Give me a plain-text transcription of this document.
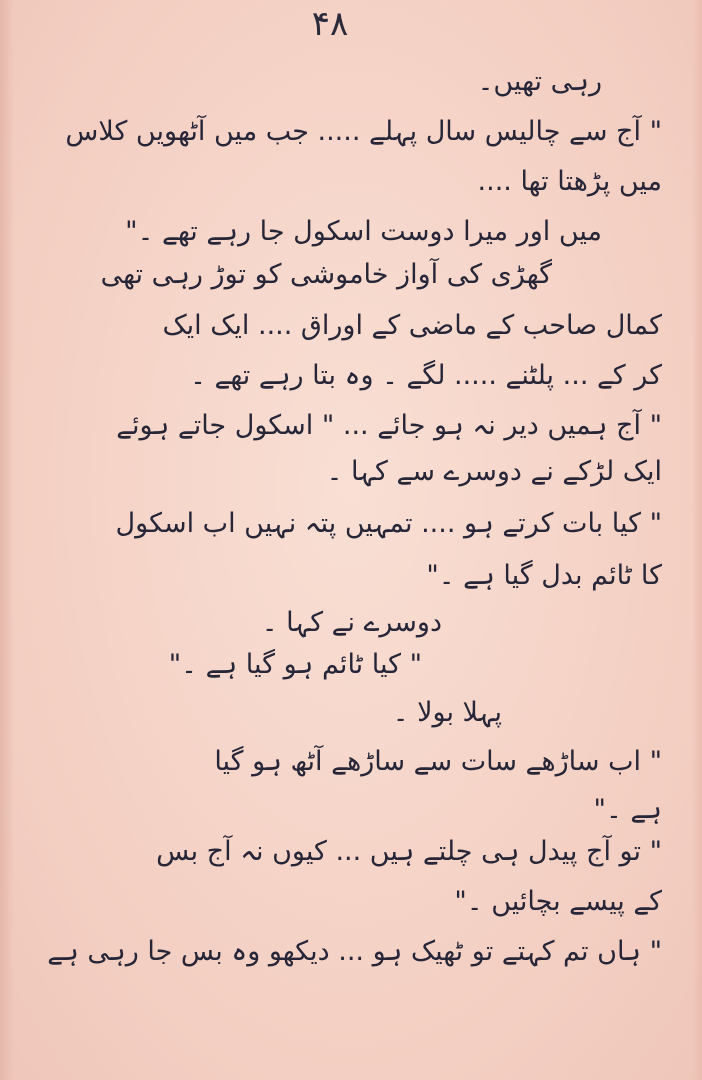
۴۸
رہی تھیں۔
" آج سے چالیس سال پہلے ..... جب میں آٹھویں کلاس
میں پڑھتا تھا ....
میں اور میرا دوست اسکول جا رہے تھے ۔"
گھڑی کی آواز خاموشی کو توڑ رہی تھی
کمال صاحب کے ماضی کے اوراق .... ایک ایک
کر کے ... پلٹنے ..... لگے ۔ وہ بتا رہے تھے ۔
" آج ہمیں دیر نہ ہو جائے ... " اسکول جاتے ہوئے
ایک لڑکے نے دوسرے سے کہا ۔
" کیا بات کرتے ہو .... تمہیں پتہ نہیں اب اسکول
کا ٹائم بدل گیا ہے ۔"
دوسرے نے کہا ۔
" کیا ٹائم ہو گیا ہے ۔"
پہلا بولا ۔
" اب ساڑھے سات سے ساڑھے آٹھ ہو گیا
ہے ۔"
" تو آج پیدل ہی چلتے ہیں ... کیوں نہ آج بس
کے پیسے بچائیں ۔"
" ہاں تم کہتے تو ٹھیک ہو ... دیکھو وہ بس جا رہی ہے
